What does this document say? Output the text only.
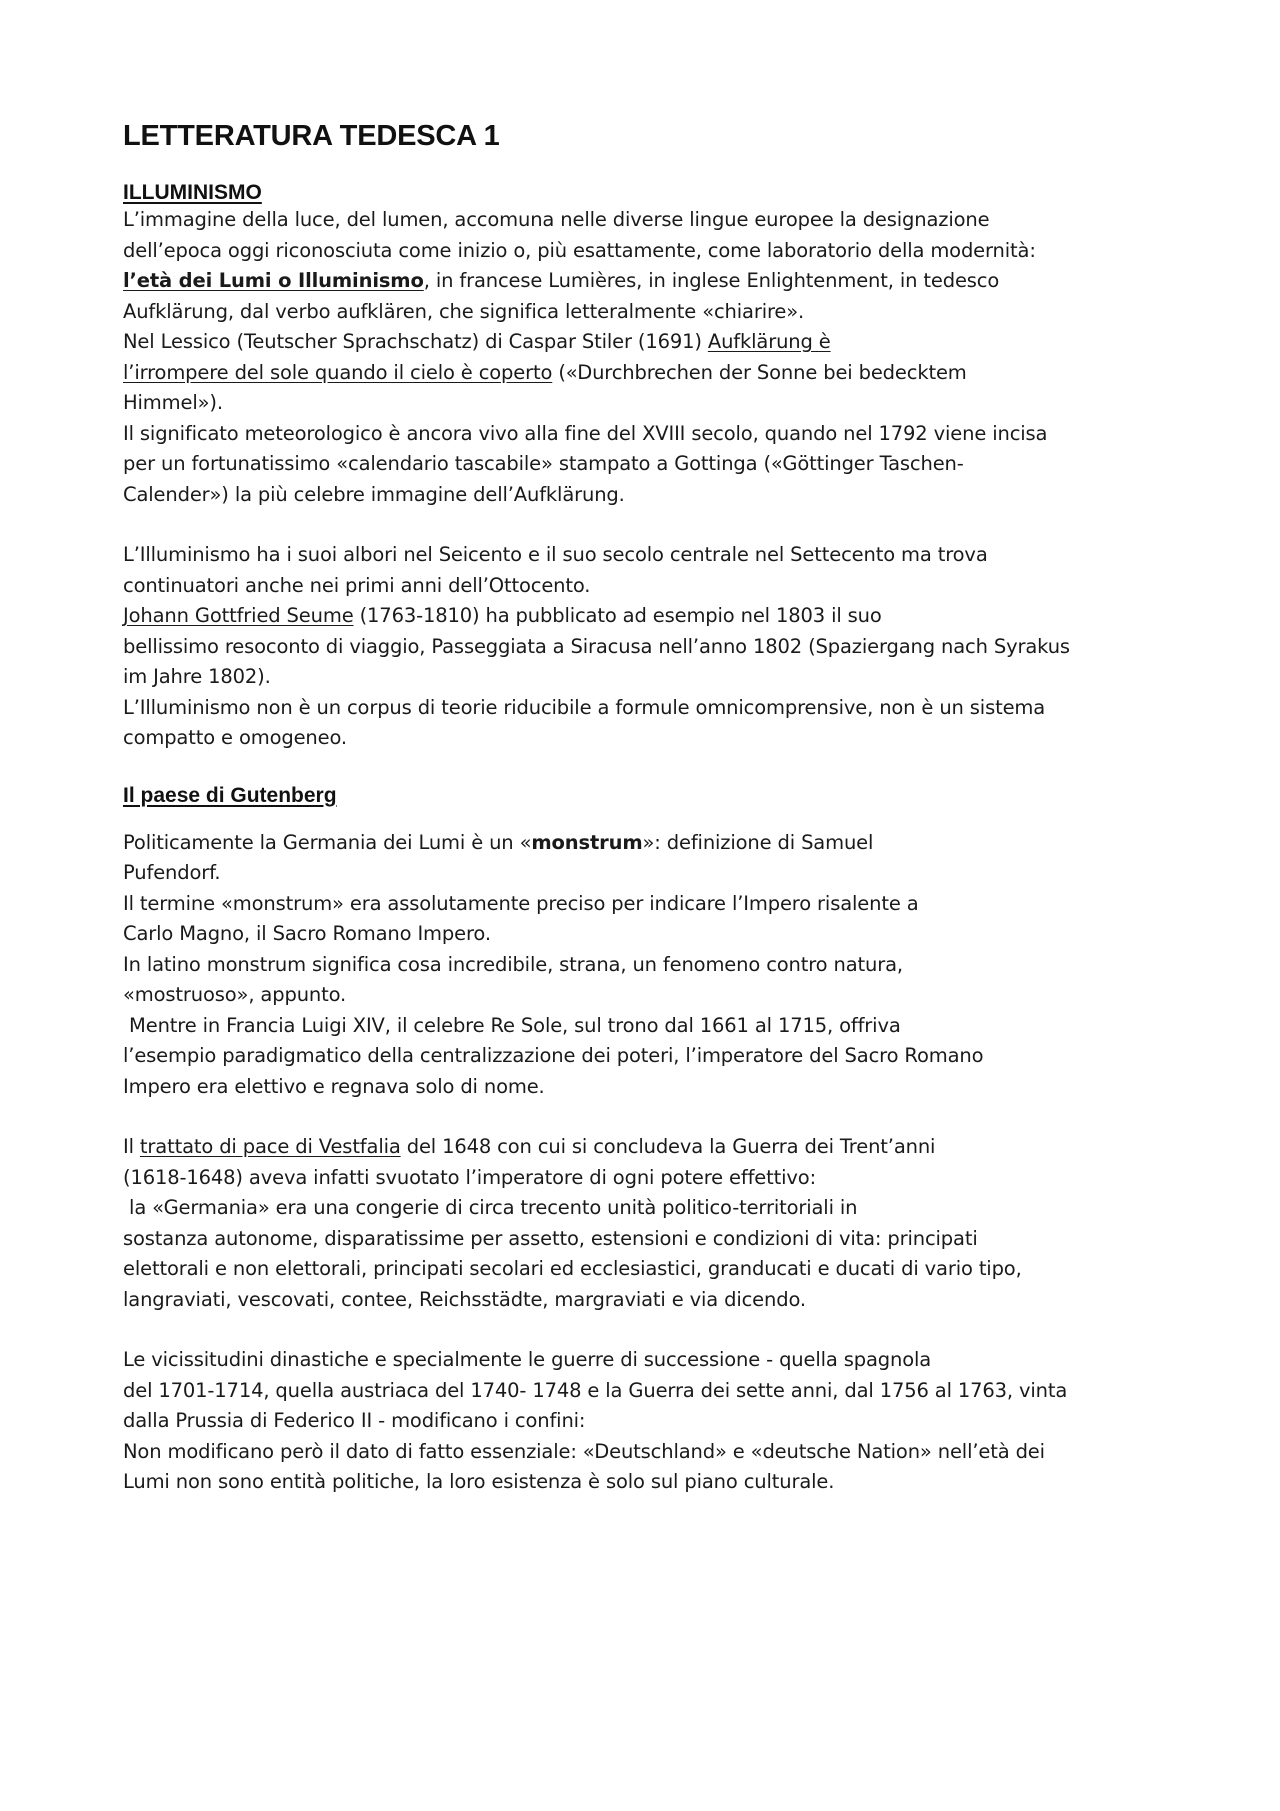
LETTERATURA TEDESCA 1
ILLUMINISMO
L’immagine della luce, del lumen, accomuna nelle diverse lingue europee la designazione
dell’epoca oggi riconosciuta come inizio o, più esattamente, come laboratorio della modernità:
l’età dei Lumi o Illuminismo, in francese Lumières, in inglese Enlightenment, in tedesco
Aufklärung, dal verbo aufklären, che significa letteralmente «chiarire».
Nel Lessico (Teutscher Sprachschatz) di Caspar Stiler (1691) Aufklärung è
l’irrompere del sole quando il cielo è coperto («Durchbrechen der Sonne bei bedecktem
Himmel»).
Il significato meteorologico è ancora vivo alla fine del XVIII secolo, quando nel 1792 viene incisa
per un fortunatissimo «calendario tascabile» stampato a Gottinga («Göttinger Taschen-
Calender») la più celebre immagine dell’Aufklärung.
L’Illuminismo ha i suoi albori nel Seicento e il suo secolo centrale nel Settecento ma trova
continuatori anche nei primi anni dell’Ottocento.
Johann Gottfried Seume (1763-1810) ha pubblicato ad esempio nel 1803 il suo
bellissimo resoconto di viaggio, Passeggiata a Siracusa nell’anno 1802 (Spaziergang nach Syrakus
im Jahre 1802).
L’Illuminismo non è un corpus di teorie riducibile a formule omnicomprensive, non è un sistema
compatto e omogeneo.
Il paese di Gutenberg
Politicamente la Germania dei Lumi è un «monstrum»: definizione di Samuel
Pufendorf.
Il termine «monstrum» era assolutamente preciso per indicare l’Impero risalente a
Carlo Magno, il Sacro Romano Impero.
In latino monstrum significa cosa incredibile, strana, un fenomeno contro natura,
«mostruoso», appunto.
Mentre in Francia Luigi XIV, il celebre Re Sole, sul trono dal 1661 al 1715, offriva
l’esempio paradigmatico della centralizzazione dei poteri, l’imperatore del Sacro Romano
Impero era elettivo e regnava solo di nome.
Il trattato di pace di Vestfalia del 1648 con cui si concludeva la Guerra dei Trent’anni
(1618-1648) aveva infatti svuotato l’imperatore di ogni potere effettivo:
la «Germania» era una congerie di circa trecento unità politico-territoriali in
sostanza autonome, disparatissime per assetto, estensioni e condizioni di vita: principati
elettorali e non elettorali, principati secolari ed ecclesiastici, granducati e ducati di vario tipo,
langraviati, vescovati, contee, Reichsstädte, margraviati e via dicendo.
Le vicissitudini dinastiche e specialmente le guerre di successione - quella spagnola
del 1701-1714, quella austriaca del 1740- 1748 e la Guerra dei sette anni, dal 1756 al 1763, vinta
dalla Prussia di Federico II - modificano i confini:
Non modificano però il dato di fatto essenziale: «Deutschland» e «deutsche Nation» nell’età dei
Lumi non sono entità politiche, la loro esistenza è solo sul piano culturale.
